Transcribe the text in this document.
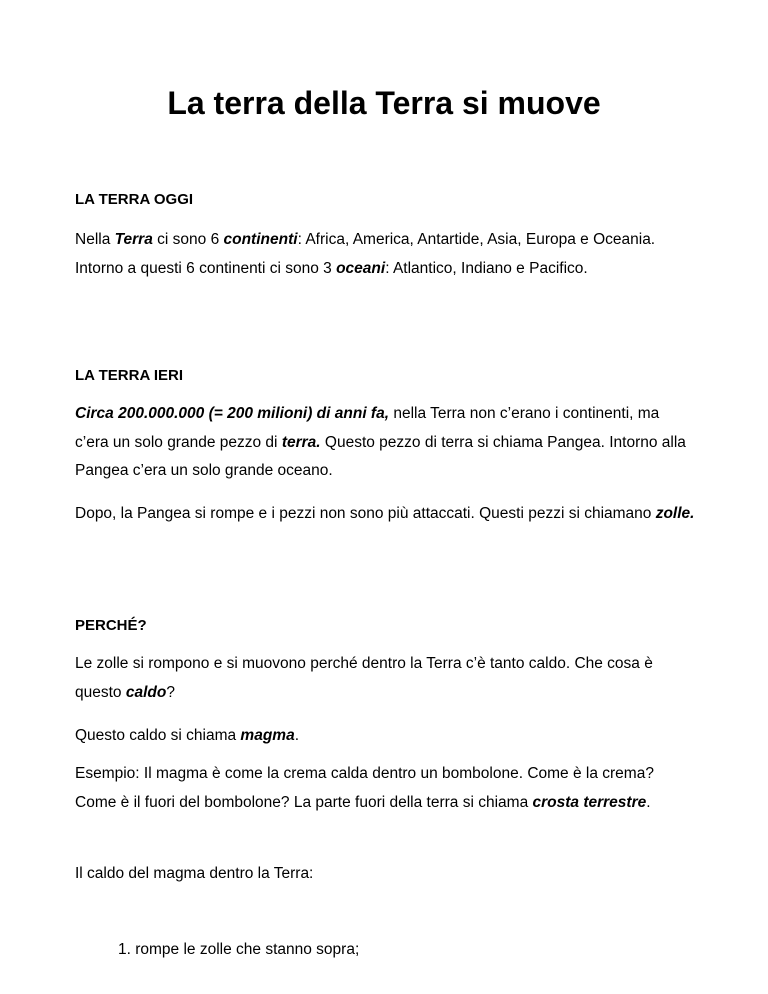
La terra della Terra si muove
LA TERRA OGGI

Nella Terra ci sono 6 continenti: Africa, America, Antartide, Asia, Europa e Oceania. Intorno a questi 6 continenti ci sono 3 oceani: Atlantico, Indiano e Pacifico.

LA TERRA IERI

Circa 200.000.000 (= 200 milioni) di anni fa, nella Terra non c’erano i continenti, ma c’era un solo grande pezzo di terra. Questo pezzo di terra si chiama Pangea. Intorno alla Pangea c’era un solo grande oceano.

Dopo, la Pangea si rompe e i pezzi non sono più attaccati. Questi pezzi si chiamano zolle.

PERCHÉ?

Le zolle si rompono e si muovono perché dentro la Terra c’è tanto caldo. Che cosa è questo caldo?

Questo caldo si chiama magma.

Esempio: Il magma è come la crema calda dentro un bombolone. Come è la crema? Come è il fuori del bombolone? La parte fuori della terra si chiama crosta terrestre.

Il caldo del magma dentro la Terra:

1. rompe le zolle che stanno sopra;
